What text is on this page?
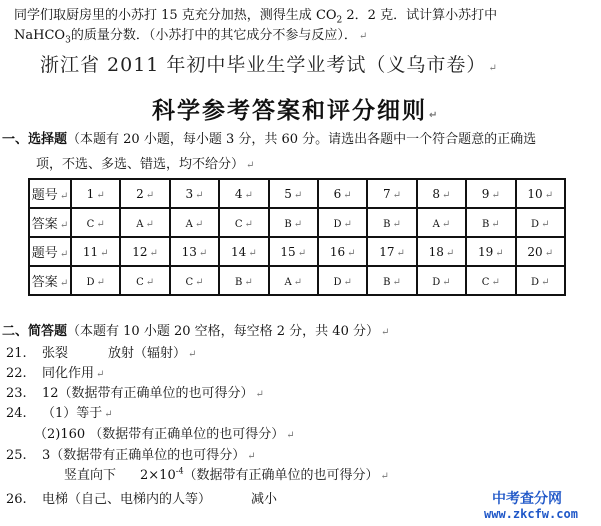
同学们取厨房里的小苏打 15 克充分加热，测得生成 $CO_2$ 2．2 克．试计算小苏打中
NaHCO$_3$的质量分数．（小苏打中的其它成分不参与反应）． ↵
浙江省 2011 年初中毕业生学业考试（义乌市卷） ↵
科学参考答案和评分细则 ↵
一、选择题（本题有 20 小题，每小题 3 分，共 60 分。请选出各题中一个符合题意的正确选
项，不选、多选、错选，均不给分） ↵
题号 ↵	1 ↵	2 ↵	3 ↵	4 ↵	5 ↵	6 ↵	7 ↵	8 ↵	9 ↵	10 ↵
答案 ↵	C ↵	A ↵	A ↵	C ↵	B ↵	D ↵	B ↵	A ↵	B ↵	D ↵
题号 ↵	11 ↵	12 ↵	13 ↵	14 ↵	15 ↵	16 ↵	17 ↵	18 ↵	19 ↵	20 ↵
答案 ↵	D ↵	C ↵	C ↵	B ↵	A ↵	D ↵	B ↵	D ↵	C ↵	D ↵
二、简答题（本题有 10 小题 20 空格，每空格 2 分，共 40 分） ↵
21. 张裂	放射（辐射） ↵
22. 同化作用 ↵
23. 12（数据带有正确单位的也可得分） ↵
24. （1）等于 ↵
（2)160 （数据带有正确单位的也可得分） ↵
25. 3（数据带有正确单位的也可得分） ↵
竖直向下 $2\times 10^{-4}$（数据带有正确单位的也可得分） ↵
26. 电梯（自己、电梯内的人等）	减小	中考查分网
www.zkcfw.com
